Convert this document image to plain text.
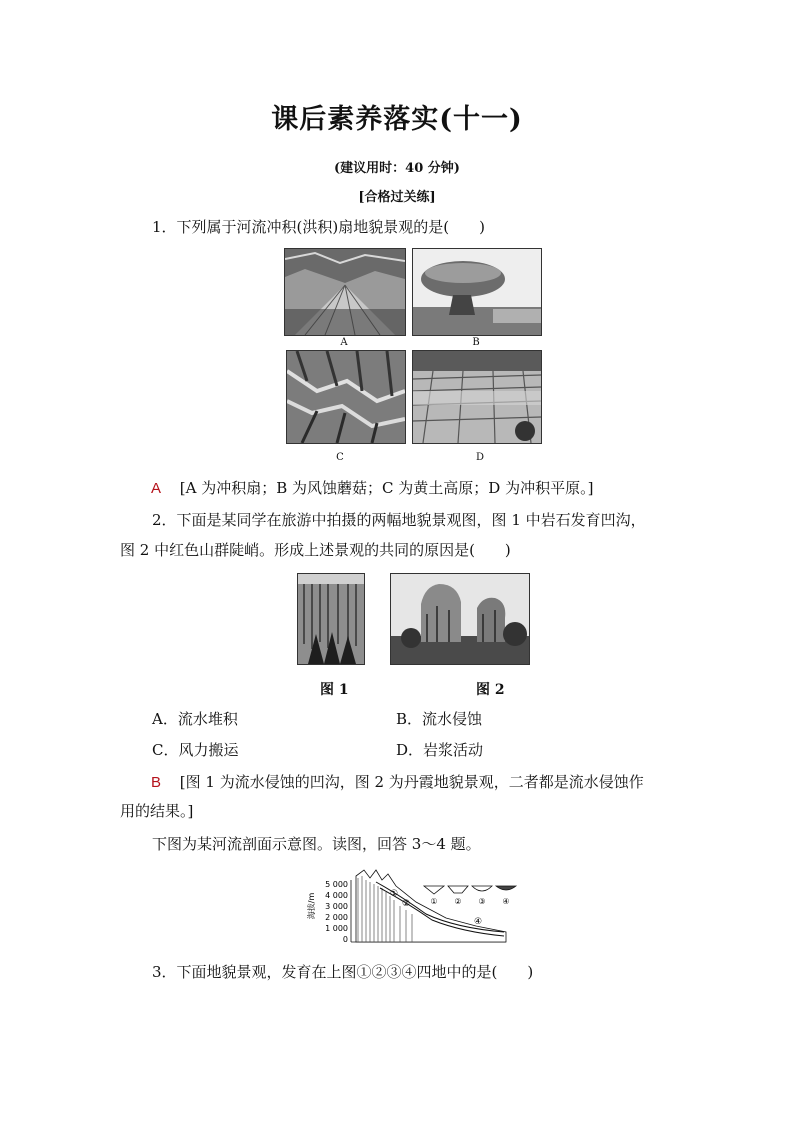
课后素养落实(十一)
(建议用时：40 分钟)
[合格过关练]
1．下列属于河流冲积(洪积)扇地貌景观的是(　　)
A	B
C	D
A [A 为冲积扇；B 为风蚀蘑菇；C 为黄土高原；D 为冲积平原。]
2．下面是某同学在旅游中拍摄的两幅地貌景观图，图 1 中岩石发育凹沟，
图 2 中红色山群陡峭。形成上述景观的共同的原因是(　　)
图 1	图 2
A．流水堆积	B．流水侵蚀
C．风力搬运	D．岩浆活动
B [图 1 为流水侵蚀的凹沟，图 2 为丹霞地貌景观，二者都是流水侵蚀作
用的结果。]
下图为某河流剖面示意图。读图，回答 3～4 题。
海拔/m
5 000
4 000
3 000
2 000
1 000
0
①
②
④
① ② ③ ④
3．下面地貌景观，发育在上图①②③④四地中的是(　　)
